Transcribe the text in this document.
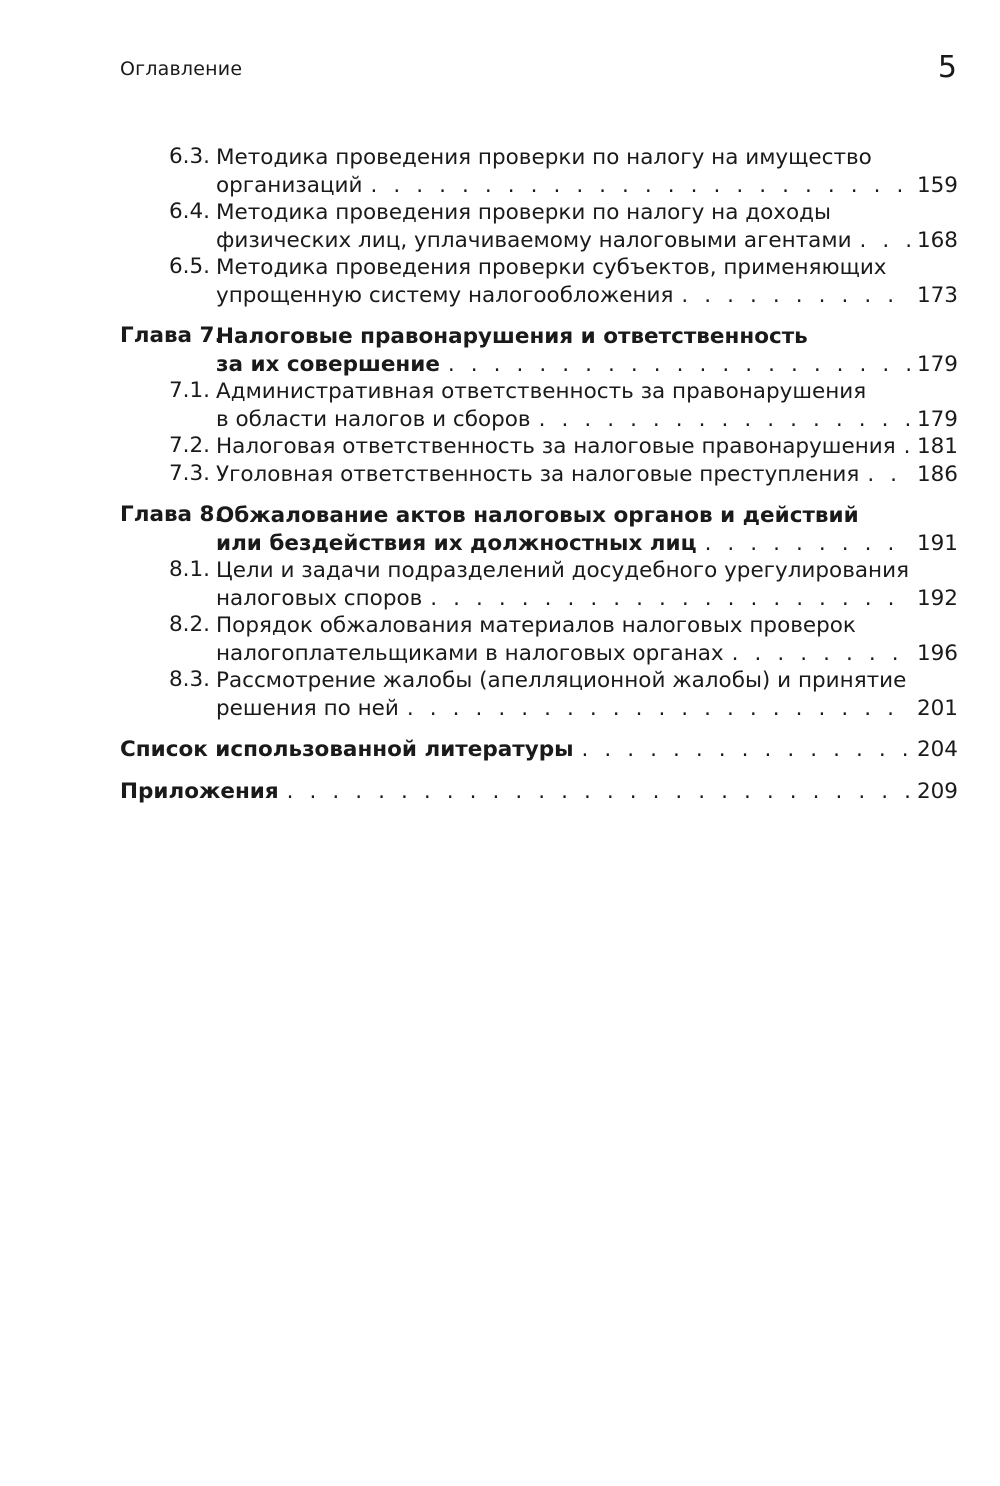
Оглавление	5
6.3. Методика проведения проверки по налогу на имущество
организаций . . .	159
6.4. Методика проведения проверки по налогу на доходы
физических лиц, уплачиваемому налоговыми агентами . . .	168
6.5. Методика проведения проверки субъектов, применяющих
упрощенную систему налогообложения . . .	173
Глава 7.
Налоговые правонарушения и ответственность
за их совершение . . .	179
7.1. Административная ответственность за правонарушения
в области налогов и сборов . . .	179
7.2. Налоговая ответственность за налоговые правонарушения . . . 181
7.3. Уголовная ответственность за налоговые преступления . . .	186
Глава 8.
Обжалование актов налоговых органов и действий
или бездействия их должностных лиц . . .	191
8.1. Цели и задачи подразделений досудебного урегулирования
налоговых споров . . .	192
8.2. Порядок обжалования материалов налоговых проверок
налогоплательщиками в налоговых органах . . .	196
8.3. Рассмотрение жалобы (апелляционной жалобы) и принятие
решения по ней . . .	201
Список использованной литературы . . .	204
Приложения . . .	209
